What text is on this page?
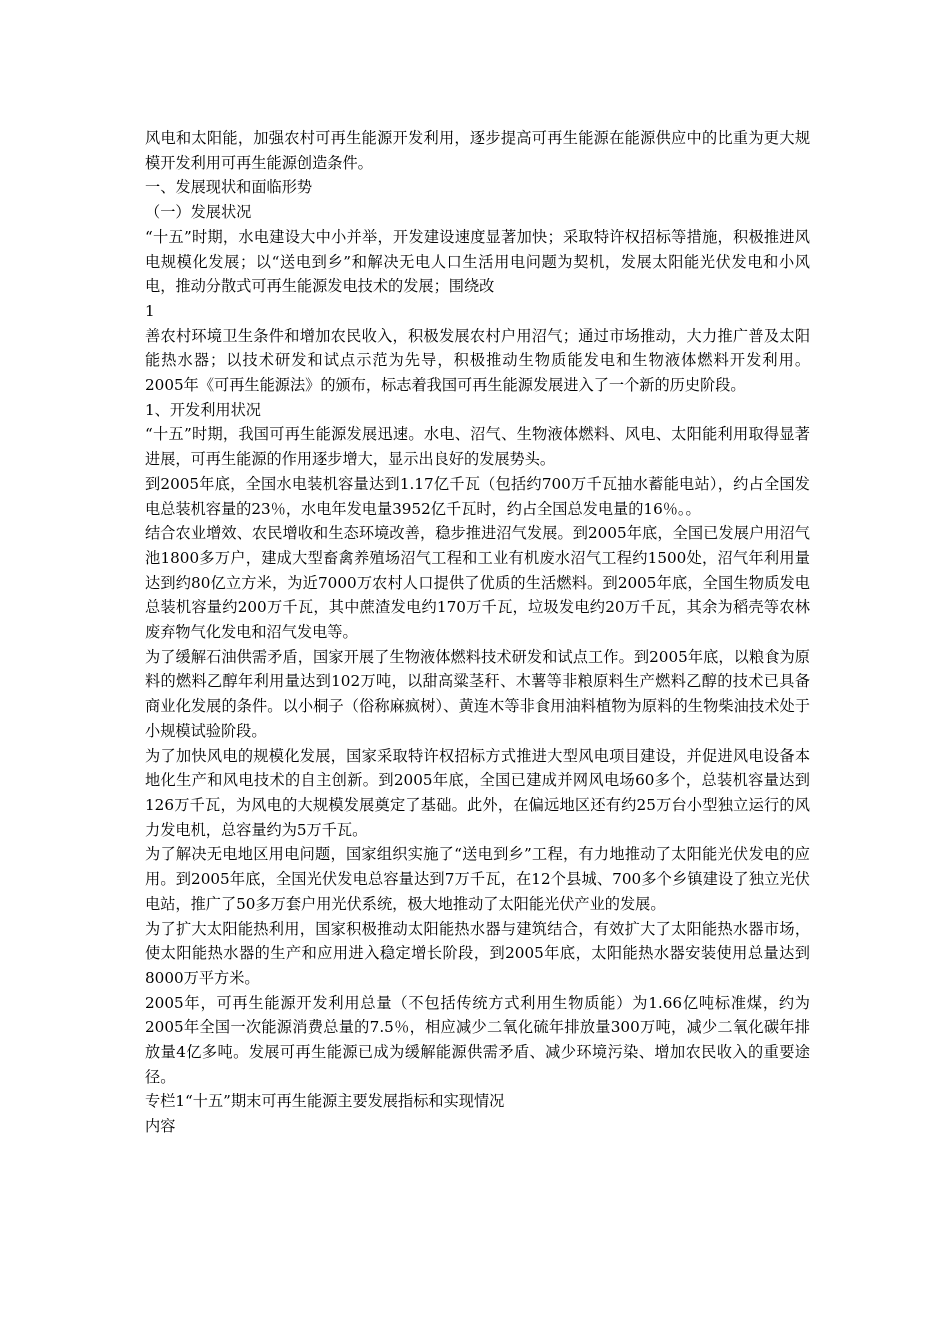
风电和太阳能，加强农村可再生能源开发利用，逐步提高可再生能源在能源供应中的比重为更大规模开发利用可再生能源创造条件。

一、发展现状和面临形势

（一）发展状况

“十五”时期，水电建设大中小并举，开发建设速度显著加快；采取特许权招标等措施，积极推进风电规模化发展；以“送电到乡”和解决无电人口生活用电问题为契机，发展太阳能光伏发电和小风电，推动分散式可再生能源发电技术的发展；围绕改

1

善农村环境卫生条件和增加农民收入，积极发展农村户用沼气；通过市场推动，大力推广普及太阳能热水器；以技术研发和试点示范为先导，积极推动生物质能发电和生物液体燃料开发利用。 2005年《可再生能源法》的颁布，标志着我国可再生能源发展进入了一个新的历史阶段。

1、开发利用状况

“十五”时期，我国可再生能源发展迅速。水电、沼气、生物液体燃料、风电、太阳能利用取得显著进展，可再生能源的作用逐步增大，显示出良好的发展势头。

到2005年底，全国水电装机容量达到1.17亿千瓦（包括约700万千瓦抽水蓄能电站），约占全国发电总装机容量的23％，水电年发电量3952亿千瓦时，约占全国总发电量的16％。。

结合农业增效、农民增收和生态环境改善，稳步推进沼气发展。到2005年底，全国已发展户用沼气池1800多万户，建成大型畜禽养殖场沼气工程和工业有机废水沼气工程约1500处，沼气年利用量达到约80亿立方米，为近7000万农村人口提供了优质的生活燃料。到2005年底，全国生物质发电总装机容量约200万千瓦，其中蔗渣发电约170万千瓦，垃圾发电约20万千瓦，其余为稻壳等农林废弃物气化发电和沼气发电等。

为了缓解石油供需矛盾，国家开展了生物液体燃料技术研发和试点工作。到2005年底，以粮食为原料的燃料乙醇年利用量达到102万吨，以甜高粱茎秆、木薯等非粮原料生产燃料乙醇的技术已具备商业化发展的条件。以小桐子（俗称麻疯树）、黄连木等非食用油料植物为原料的生物柴油技术处于小规模试验阶段。

为了加快风电的规模化发展，国家采取特许权招标方式推进大型风电项目建设，并促进风电设备本地化生产和风电技术的自主创新。到2005年底，全国已建成并网风电场60多个，总装机容量达到126万千瓦，为风电的大规模发展奠定了基础。此外，在偏远地区还有约25万台小型独立运行的风力发电机，总容量约为5万千瓦。

为了解决无电地区用电问题，国家组织实施了“送电到乡”工程，有力地推动了太阳能光伏发电的应用。到2005年底，全国光伏发电总容量达到7万千瓦，在12个县城、700多个乡镇建设了独立光伏电站，推广了50多万套户用光伏系统，极大地推动了太阳能光伏产业的发展。

为了扩大太阳能热利用，国家积极推动太阳能热水器与建筑结合，有效扩大了太阳能热水器市场，使太阳能热水器的生产和应用进入稳定增长阶段，到2005年底，太阳能热水器安装使用总量达到8000万平方米。

2005年，可再生能源开发利用总量（不包括传统方式利用生物质能）为1.66亿吨标准煤，约为2005年全国一次能源消费总量的7.5％，相应减少二氧化硫年排放量300万吨，减少二氧化碳年排放量4亿多吨。发展可再生能源已成为缓解能源供需矛盾、减少环境污染、增加农民收入的重要途径。

专栏1“十五”期末可再生能源主要发展指标和实现情况

内容
